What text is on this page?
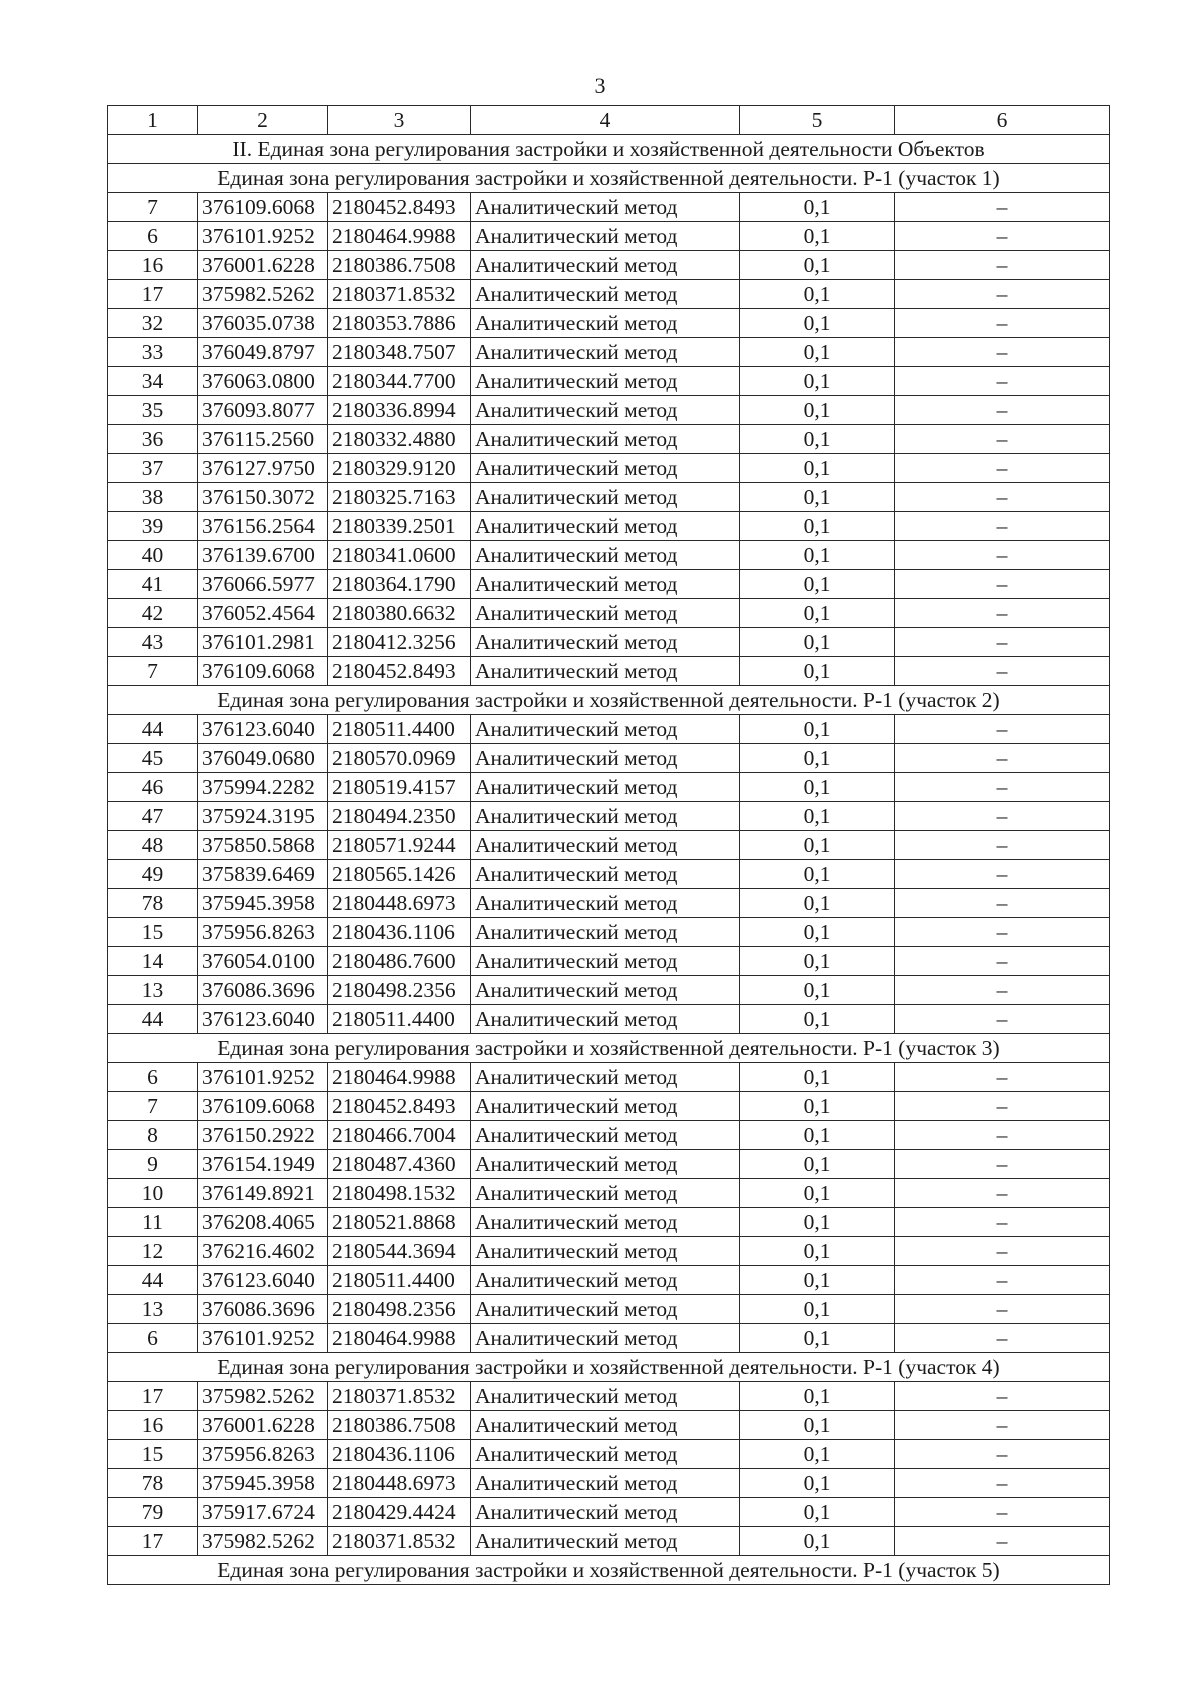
3
1	2	3	4	5	6
II. Единая зона регулирования застройки и хозяйственной деятельности Объектов					
Единая зона регулирования застройки и хозяйственной деятельности. Р-1 (участок 1)					
7	376109.6068	2180452.8493	Аналитический метод	0,1	–
6	376101.9252	2180464.9988	Аналитический метод	0,1	–
16	376001.6228	2180386.7508	Аналитический метод	0,1	–
17	375982.5262	2180371.8532	Аналитический метод	0,1	–
32	376035.0738	2180353.7886	Аналитический метод	0,1	–
33	376049.8797	2180348.7507	Аналитический метод	0,1	–
34	376063.0800	2180344.7700	Аналитический метод	0,1	–
35	376093.8077	2180336.8994	Аналитический метод	0,1	–
36	376115.2560	2180332.4880	Аналитический метод	0,1	–
37	376127.9750	2180329.9120	Аналитический метод	0,1	–
38	376150.3072	2180325.7163	Аналитический метод	0,1	–
39	376156.2564	2180339.2501	Аналитический метод	0,1	–
40	376139.6700	2180341.0600	Аналитический метод	0,1	–
41	376066.5977	2180364.1790	Аналитический метод	0,1	–
42	376052.4564	2180380.6632	Аналитический метод	0,1	–
43	376101.2981	2180412.3256	Аналитический метод	0,1	–
7	376109.6068	2180452.8493	Аналитический метод	0,1	–
Единая зона регулирования застройки и хозяйственной деятельности. Р-1 (участок 2)					
44	376123.6040	2180511.4400	Аналитический метод	0,1	–
45	376049.0680	2180570.0969	Аналитический метод	0,1	–
46	375994.2282	2180519.4157	Аналитический метод	0,1	–
47	375924.3195	2180494.2350	Аналитический метод	0,1	–
48	375850.5868	2180571.9244	Аналитический метод	0,1	–
49	375839.6469	2180565.1426	Аналитический метод	0,1	–
78	375945.3958	2180448.6973	Аналитический метод	0,1	–
15	375956.8263	2180436.1106	Аналитический метод	0,1	–
14	376054.0100	2180486.7600	Аналитический метод	0,1	–
13	376086.3696	2180498.2356	Аналитический метод	0,1	–
44	376123.6040	2180511.4400	Аналитический метод	0,1	–
Единая зона регулирования застройки и хозяйственной деятельности. Р-1 (участок 3)					
6	376101.9252	2180464.9988	Аналитический метод	0,1	–
7	376109.6068	2180452.8493	Аналитический метод	0,1	–
8	376150.2922	2180466.7004	Аналитический метод	0,1	–
9	376154.1949	2180487.4360	Аналитический метод	0,1	–
10	376149.8921	2180498.1532	Аналитический метод	0,1	–
11	376208.4065	2180521.8868	Аналитический метод	0,1	–
12	376216.4602	2180544.3694	Аналитический метод	0,1	–
44	376123.6040	2180511.4400	Аналитический метод	0,1	–
13	376086.3696	2180498.2356	Аналитический метод	0,1	–
6	376101.9252	2180464.9988	Аналитический метод	0,1	–
Единая зона регулирования застройки и хозяйственной деятельности. Р-1 (участок 4)					
17	375982.5262	2180371.8532	Аналитический метод	0,1	–
16	376001.6228	2180386.7508	Аналитический метод	0,1	–
15	375956.8263	2180436.1106	Аналитический метод	0,1	–
78	375945.3958	2180448.6973	Аналитический метод	0,1	–
79	375917.6724	2180429.4424	Аналитический метод	0,1	–
17	375982.5262	2180371.8532	Аналитический метод	0,1	–
Единая зона регулирования застройки и хозяйственной деятельности. Р-1 (участок 5)					
